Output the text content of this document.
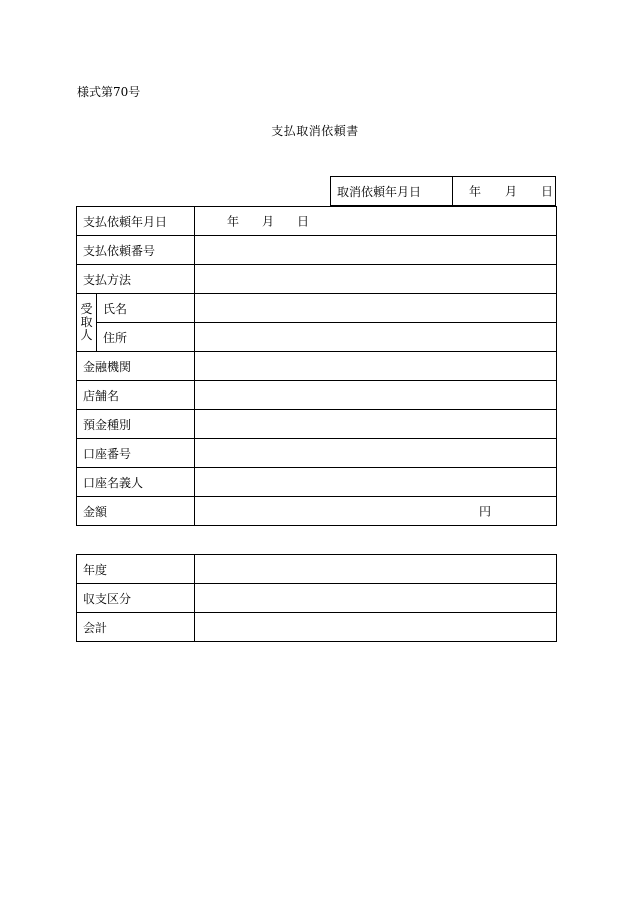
様式第70号
支払取消依頼書
取消依頼年月日	年 月 日
支払依頼年月日		年 月 日

支払依頼番号		
支払方法		

受
取
人	氏名	
	住所	
金融機関		
店舗名		
預金種別		
口座番号		
口座名義人		
金額		円
年度	
収支区分	
会計	
